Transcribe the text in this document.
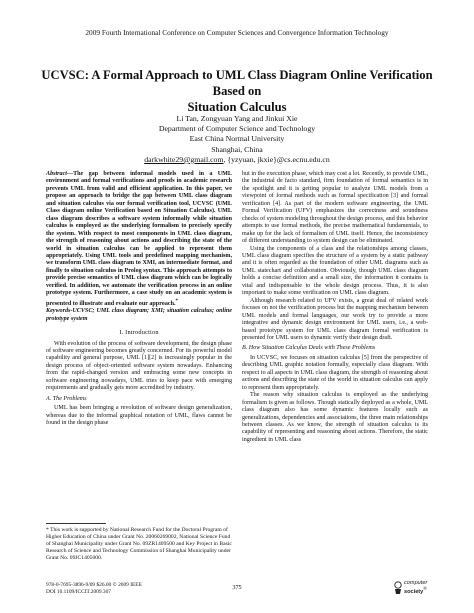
2009 Fourth International Conference on Computer Sciences and Convergence Information Technology
UCVSC: A Formal Approach to UML Class Diagram Online Verification Based on
Situation Calculus
Li Tan, Zongyuan Yang and Jinkui Xie
Department of Computer Science and Technology
East China Normal University
Shanghai, China
darkwhite29@gmail.com, {yzyuan, jkxie}@cs.ecnu.edu.cn

Abstract—The gap between informal models used in a UML environment and formal verifications and proofs in academic research prevents UML from valid and efficient application. In this paper, we propose an approach to bridge the gap between UML class diagram and situation calculus via our formal verification tool, UCVSC (UML Class diagram online Verification based on Situation Calculus). UML class diagram describes a software system informally while situation calculus is employed as the underlying formalism to precisely specify the system. With respect to most components in UML class diagram, the strength of reasoning about actions and describing the state of the world in situation calculus can be applied to represent them appropriately. Using UML tools and predefined mapping mechanism, we transform UML class diagram to XMI, an intermediate format, and finally to situation calculus in Prolog syntax. This approach attempts to provide precise semantics of UML class diagram which can be logically verified. In addition, we automate the verification process in an online prototype system. Furthermore, a case study on an academic system is presented to illustrate and evaluate our approach.*

Keywords-UCVSC; UML class diagram; XMI; situation calculus; online prototype system

I. Introduction

With evolution of the process of software development, the design phase of software engineering becomes greatly concerned. For its powerful model capability and general purpose, UML [1][2] is increasingly popular in the design process of object-oriented software system nowadays. Enhancing from the rapid-changed version and embracing some new concepts in software engineering nowadays, UML tries to keep pace with emerging requirements and gradually gets more accredited by industry.

A. The Problems

UML has been bringing a revolution of software design generalization, whereas due to the informal graphical notation of UML, flaws cannot be found in the design phase

* This work is supported by National Research Fund for the Doctoral Program of Higher Education of China under Grant No. 20060269002, National Science Fund of Shanghai Municipality under Grant No. 09ZR1409500 and Key Project in Basic Research of Science and Technology Commission of Shanghai Municipality under Grant No. 09JC1405000.

but in the execution phase, which may cost a lot. Recently, to provide UML, the industrial de facto standard, firm foundation of formal semantics is in the spotlight and it is getting popular to analyze UML models from a viewpoint of formal methods such as formal specification [3] and formal verification [4]. As part of the modern software engineering, the UML Formal Verification (UFV) emphasizes the correctness and soundness checks of system modeling throughout the design process, and this behavior attempts to use formal methods, the precise mathematical fundamentals, to make up for the lack of formalism of UML itself. Hence, the inconsistency of different understanding to system design can be eliminated.

Using the components of a class and the relationships among classes, UML class diagram specifies the structure of a system by a static pathway and it is often regarded as the foundation of other UML diagrams such as UML statechart and collaboration. Obviously, though UML class diagram holds a concise definition and a small size, the information it contains is vital and indispensable to the whole design process. Thus, it is also important to make some verification on UML class diagram.

Although research related to UFV exists, a great deal of related work focuses on not the verification process but the mapping mechanism between UML models and formal languages, our work try to provide a more integrative and dynamic design environment for UML users, i.e., a web-based prototype system for UML class diagram formal verification is presented for UML users to dynamic verify their design draft.

B. How Situation Calculus Deals with These Problems

In UCVSC, we focuses on situation calculus [5] from the perspective of describing UML graphic notation formally, especially class diagram. With respect to all aspects in UML class diagram, the strength of reasoning about actions and describing the state of the world in situation calculus can apply to represent them appropriately.

The reason why situation calculus is employed as the underlying formalism is given as follows. Though statically deployed as a whole, UML class diagram also has some dynamic features locally such as generalizations, dependencies and associations, the three main relationships between classes. As we know, the strength of situation calculus is its capability of representing and reasoning about actions. Therefore, the static ingredient in UML class

978-0-7695-3896-9/09 $26.00 © 2009 IEEE
DOI 10.1109/ICCIT.2009.307
375
computer
society®
